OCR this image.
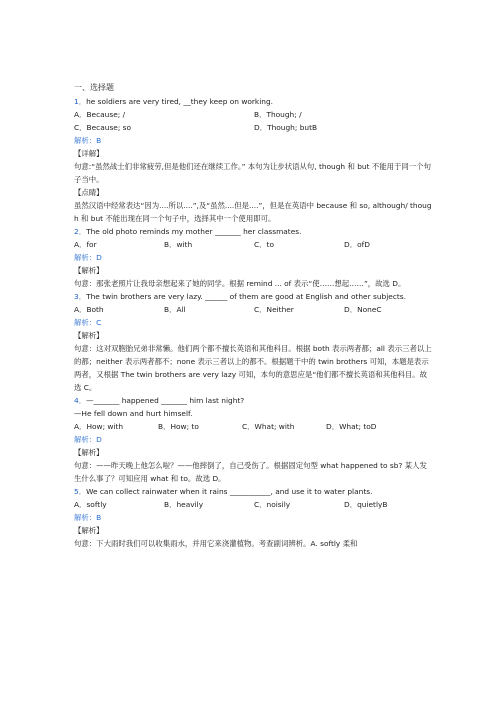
一、选择题
1．he soldiers are very tired, __they keep on working.
A．Because; /	B．Though; /
C．Because; so	D．Though; butB
解析：B
【详解】
句意:“虽然战士们非常疲劳,但是他们还在继续工作。” 本句为让步状语从句, though 和 but 不能用于同一个句子当中。
【点睛】
虽然汉语中经常表达“因为....所以....”,及“虽然....但是....”，但是在英语中 because 和 so, although/ though 和 but 不能出现在同一个句子中，选择其中一个使用即可。
2．The old photo reminds my mother _______ her classmates.
A．for	B．with	C．to	D．ofD
解析：D
【解析】
句意：那张老照片让我母亲想起来了她的同学。根据 remind ... of 表示“使……想起……”，故选 D。
3．The twin brothers are very lazy. ______ of them are good at English and other subjects.
A．Both	B．All	C．Neither	D．NoneC
解析：C
【解析】
句意：这对双胞胎兄弟非常懒。他们两个都不擅长英语和其他科目。根据 both 表示两者都；all 表示三者以上的都；neither 表示两者都不；none 表示三者以上的都不。根据题干中的 twin brothers 可知，本题是表示两者，又根据 The twin brothers are very lazy 可知，本句的意思应是“他们都不擅长英语和其他科目。故选 C。
4．—_______ happened _______ him last night?
—He fell down and hurt himself.
A．How; with	B．How; to	C．What; with	D．What; toD
解析：D
【解析】
句意：——昨天晚上他怎么啦？——他摔倒了，自己受伤了。根据固定句型 what happened to sb? 某人发生什么事了？可知应用 what 和 to。故选 D。
5．We can collect rainwater when it rains ___________, and use it to water plants.
A．softly	B．heavily	C．noisily	D．quietlyB
解析：B
【解析】
句意：下大雨时我们可以收集雨水，并用它来浇灌植物。考查副词辨析。A. softly 柔和
